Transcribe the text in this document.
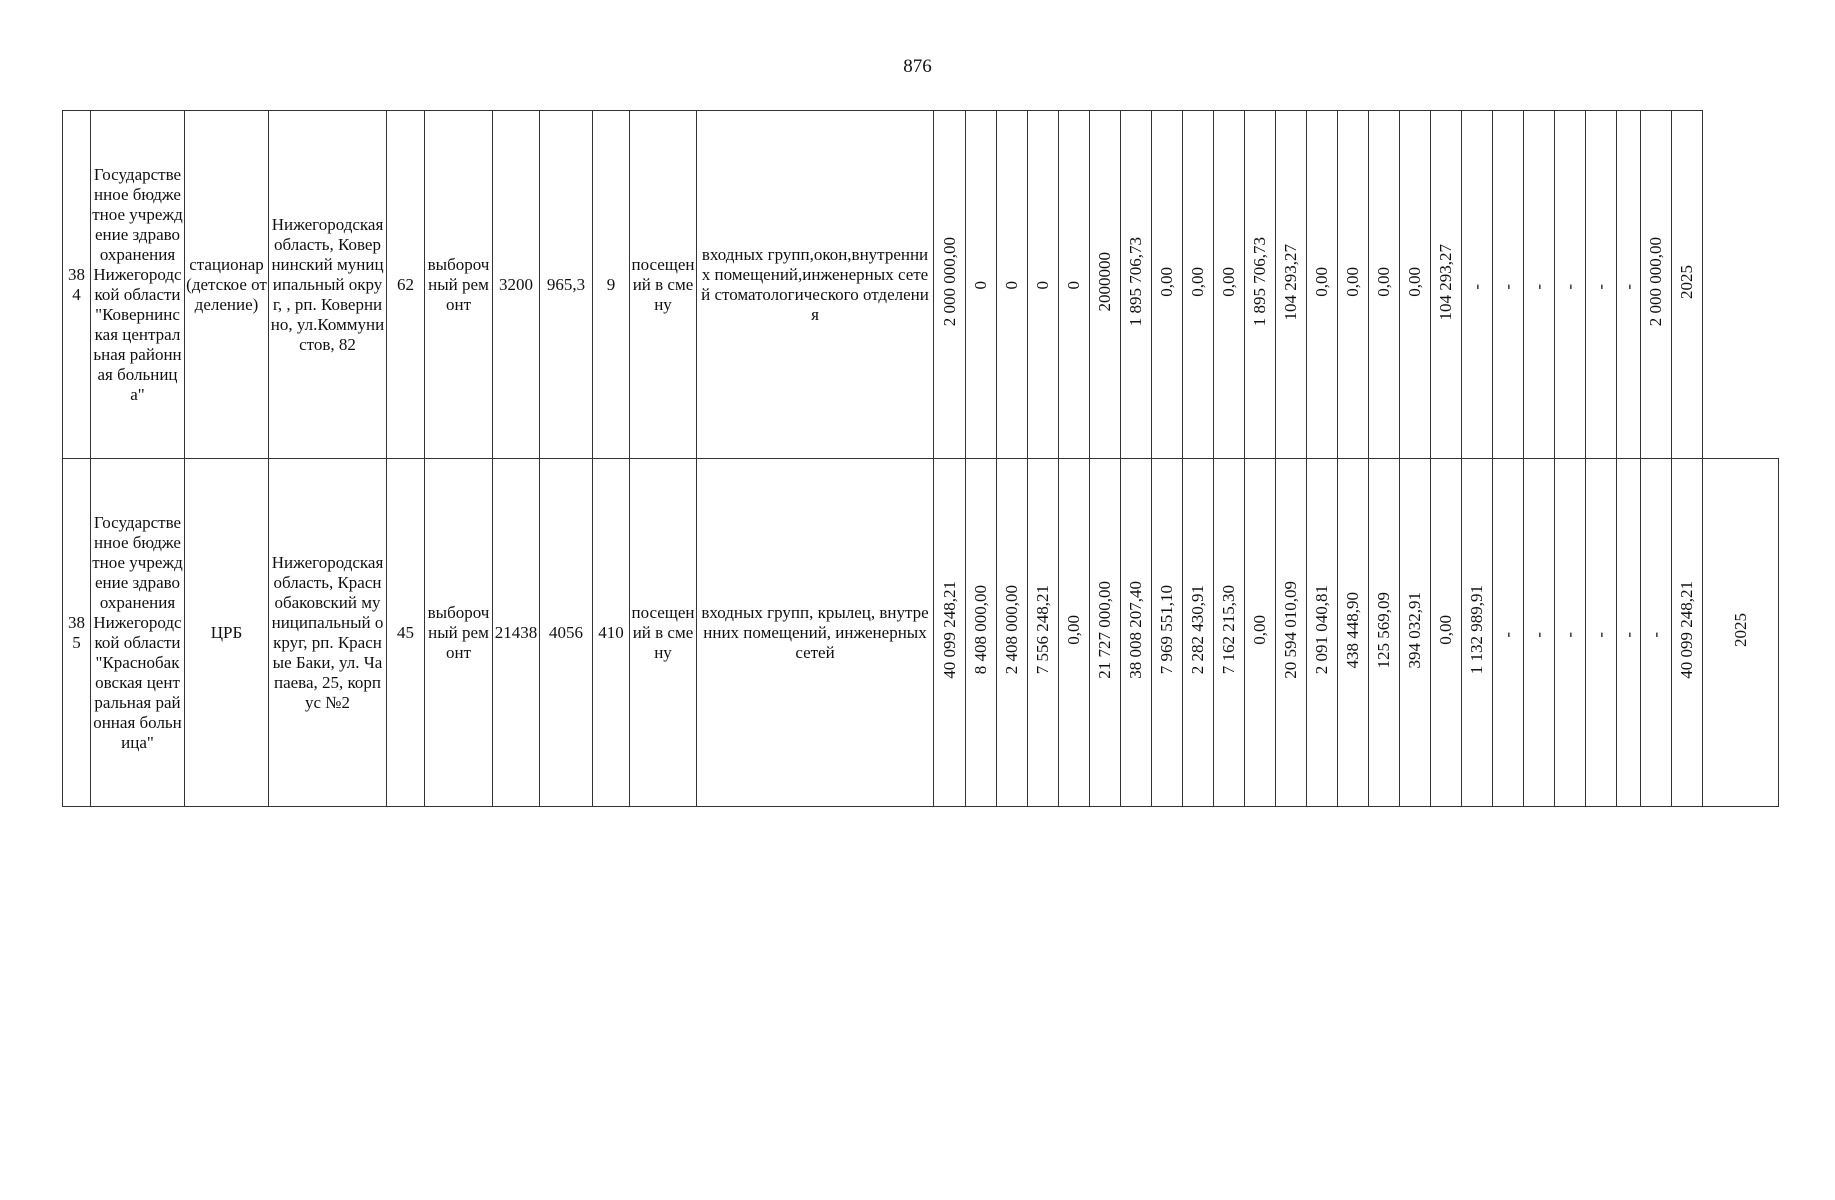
876
384	Государственное бюджетное учреждение здравоохранения Нижегородской области "Ковернинская центральная районная больница"	стационар (детское отделение)	Нижегородская область, Ковернинский муниципальный округ, , рп. Ковернино, ул.Коммунистов, 82	62	выборочный ремонт	3200	965,3	9	посещений в смену	входных групп,окон,внутренних помещений,инженерных сетей стоматологического отделения	2 000 000,00	0	0	0	0	2000000	1 895 706,73	0,00	0,00	0,00	1 895 706,73	104 293,27	0,00	0,00	0,00	0,00	104 293,27	-	-	-	-	-	-	2 000 000,00	2025	

385	Государственное бюджетное учреждение здравоохранения Нижегородской области "Краснобаковская центральная районная больница"	ЦРБ	Нижегородская область, Краснобаковский муниципальный округ, рп. Красные Баки, ул. Чапаева, 25, корпус №2	45	выборочный ремонт	21438	4056	410	посещений в смену	входных групп, крылец, внутренних помещений, инженерных сетей	40 099 248,21	8 408 000,00	2 408 000,00	7 556 248,21	0,00	21 727 000,00	38 008 207,40	7 969 551,10	2 282 430,91	7 162 215,30	0,00	20 594 010,09	2 091 040,81	438 448,90	125 569,09	394 032,91	0,00	1 132 989,91	-	-	-	-	-	-	40 099 248,21	2025
